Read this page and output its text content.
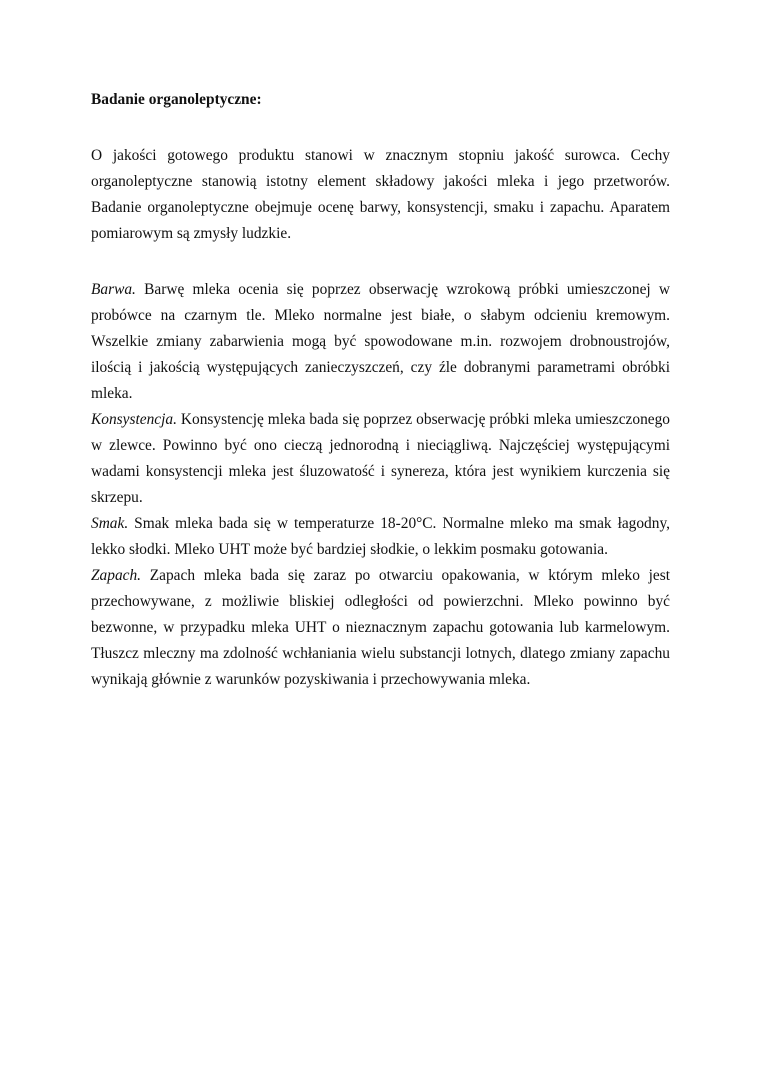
Badanie organoleptyczne:

O jakości gotowego produktu stanowi w znacznym stopniu jakość surowca. Cechy organoleptyczne stanowią istotny element składowy jakości mleka i jego przetworów. Badanie organoleptyczne obejmuje ocenę barwy, konsystencji, smaku i zapachu. Aparatem pomiarowym są zmysły ludzkie.

Barwa. Barwę mleka ocenia się poprzez obserwację wzrokową próbki umieszczonej w probówce na czarnym tle. Mleko normalne jest białe, o słabym odcieniu kremowym. Wszelkie zmiany zabarwienia mogą być spowodowane m.in. rozwojem drobnoustrojów, ilością i jakością występujących zanieczyszczeń, czy źle dobranymi parametrami obróbki mleka.

Konsystencja. Konsystencję mleka bada się poprzez obserwację próbki mleka umieszczonego w zlewce. Powinno być ono cieczą jednorodną i nieciągliwą. Najczęściej występującymi wadami konsystencji mleka jest śluzowatość i synereza, która jest wynikiem kurczenia się skrzepu.

Smak. Smak mleka bada się w temperaturze 18-20°C. Normalne mleko ma smak łagodny, lekko słodki. Mleko UHT może być bardziej słodkie, o lekkim posmaku gotowania.

Zapach. Zapach mleka bada się zaraz po otwarciu opakowania, w którym mleko jest przechowywane, z możliwie bliskiej odległości od powierzchni. Mleko powinno być bezwonne, w przypadku mleka UHT o nieznacznym zapachu gotowania lub karmelowym. Tłuszcz mleczny ma zdolność wchłaniania wielu substancji lotnych, dlatego zmiany zapachu wynikają głównie z warunków pozyskiwania i przechowywania mleka.
